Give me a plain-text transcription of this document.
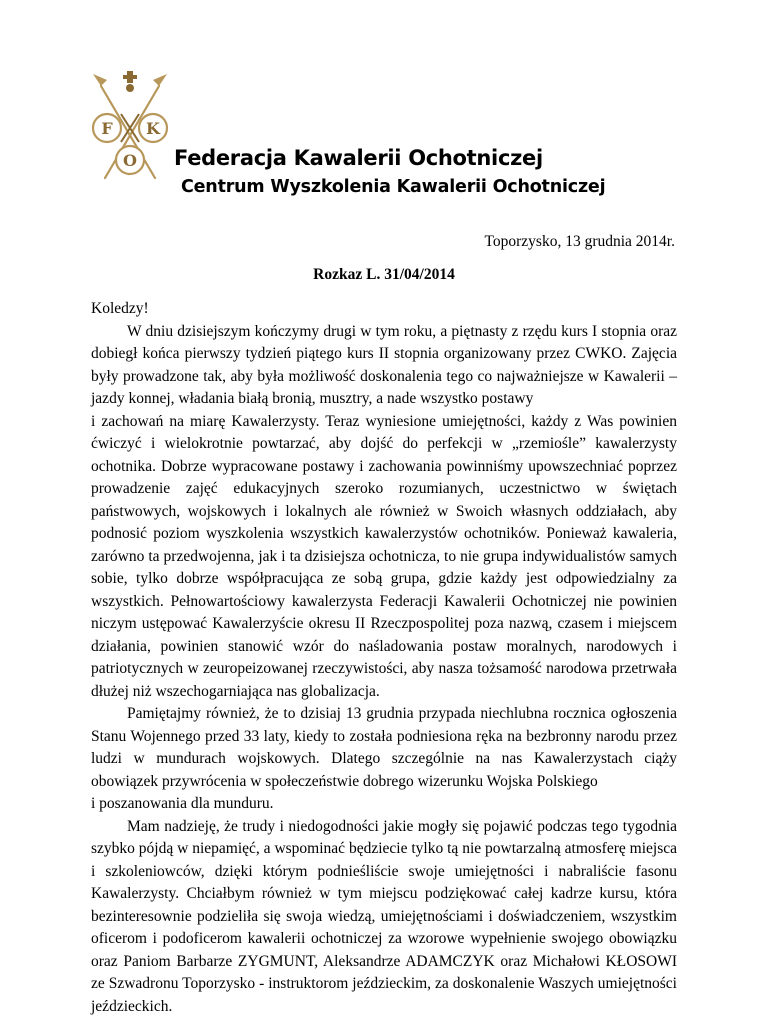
F K
O Federacja Kawalerii Ochotniczej
Centrum Wyszkolenia Kawalerii Ochotniczej

Toporzysko, 13 grudnia 2014r.

Rozkaz L. 31/04/2014

Koledzy!

W dniu dzisiejszym kończymy drugi w tym roku, a piętnasty z rzędu kurs I stopnia oraz dobiegł końca pierwszy tydzień piątego kurs II stopnia organizowany przez CWKO. Zajęcia były prowadzone tak, aby była możliwość doskonalenia tego co najważniejsze w Kawalerii – jazdy konnej, władania białą bronią, musztry, a nade wszystko postawy

i zachowań na miarę Kawalerzysty. Teraz wyniesione umiejętności, każdy z Was powinien ćwiczyć i wielokrotnie powtarzać, aby dojść do perfekcji w „rzemiośle” kawalerzysty ochotnika. Dobrze wypracowane postawy i zachowania powinniśmy upowszechniać poprzez prowadzenie zajęć edukacyjnych szeroko rozumianych, uczestnictwo w świętach państwowych, wojskowych i lokalnych ale również w Swoich własnych oddziałach, aby podnosić poziom wyszkolenia wszystkich kawalerzystów ochotników. Ponieważ kawaleria, zarówno ta przedwojenna, jak i ta dzisiejsza ochotnicza, to nie grupa indywidualistów samych sobie, tylko dobrze współpracująca ze sobą grupa, gdzie każdy jest odpowiedzialny za wszystkich. Pełnowartościowy kawalerzysta Federacji Kawalerii Ochotniczej nie powinien niczym ustępować Kawalerzyście okresu II Rzeczpospolitej poza nazwą, czasem i miejscem działania, powinien stanowić wzór do naśladowania postaw moralnych, narodowych i patriotycznych w zeuropeizowanej rzeczywistości, aby nasza tożsamość narodowa przetrwała dłużej niż wszechogarniająca nas globalizacja.

Pamiętajmy również, że to dzisiaj 13 grudnia przypada niechlubna rocznica ogłoszenia Stanu Wojennego przed 33 laty, kiedy to została podniesiona ręka na bezbronny narodu przez ludzi w mundurach wojskowych. Dlatego szczególnie na nas Kawalerzystach ciąży obowiązek przywrócenia w społeczeństwie dobrego wizerunku Wojska Polskiego

i poszanowania dla munduru.

Mam nadzieję, że trudy i niedogodności jakie mogły się pojawić podczas tego tygodnia szybko pójdą w niepamięć, a wspominać będziecie tylko tą nie powtarzalną atmosferę miejsca i szkoleniowców, dzięki którym podnieśliście swoje umiejętności i nabraliście fasonu Kawalerzysty. Chciałbym również w tym miejscu podziękować całej kadrze kursu, która bezinteresownie podzieliła się swoja wiedzą, umiejętnościami i doświadczeniem, wszystkim oficerom i podoficerom kawalerii ochotniczej za wzorowe wypełnienie swojego obowiązku oraz Paniom Barbarze ZYGMUNT, Aleksandrze ADAMCZYK oraz Michałowi KŁOSOWI ze Szwadronu Toporzysko - instruktorom jeździeckim, za doskonalenie Waszych umiejętności jeździeckich.
